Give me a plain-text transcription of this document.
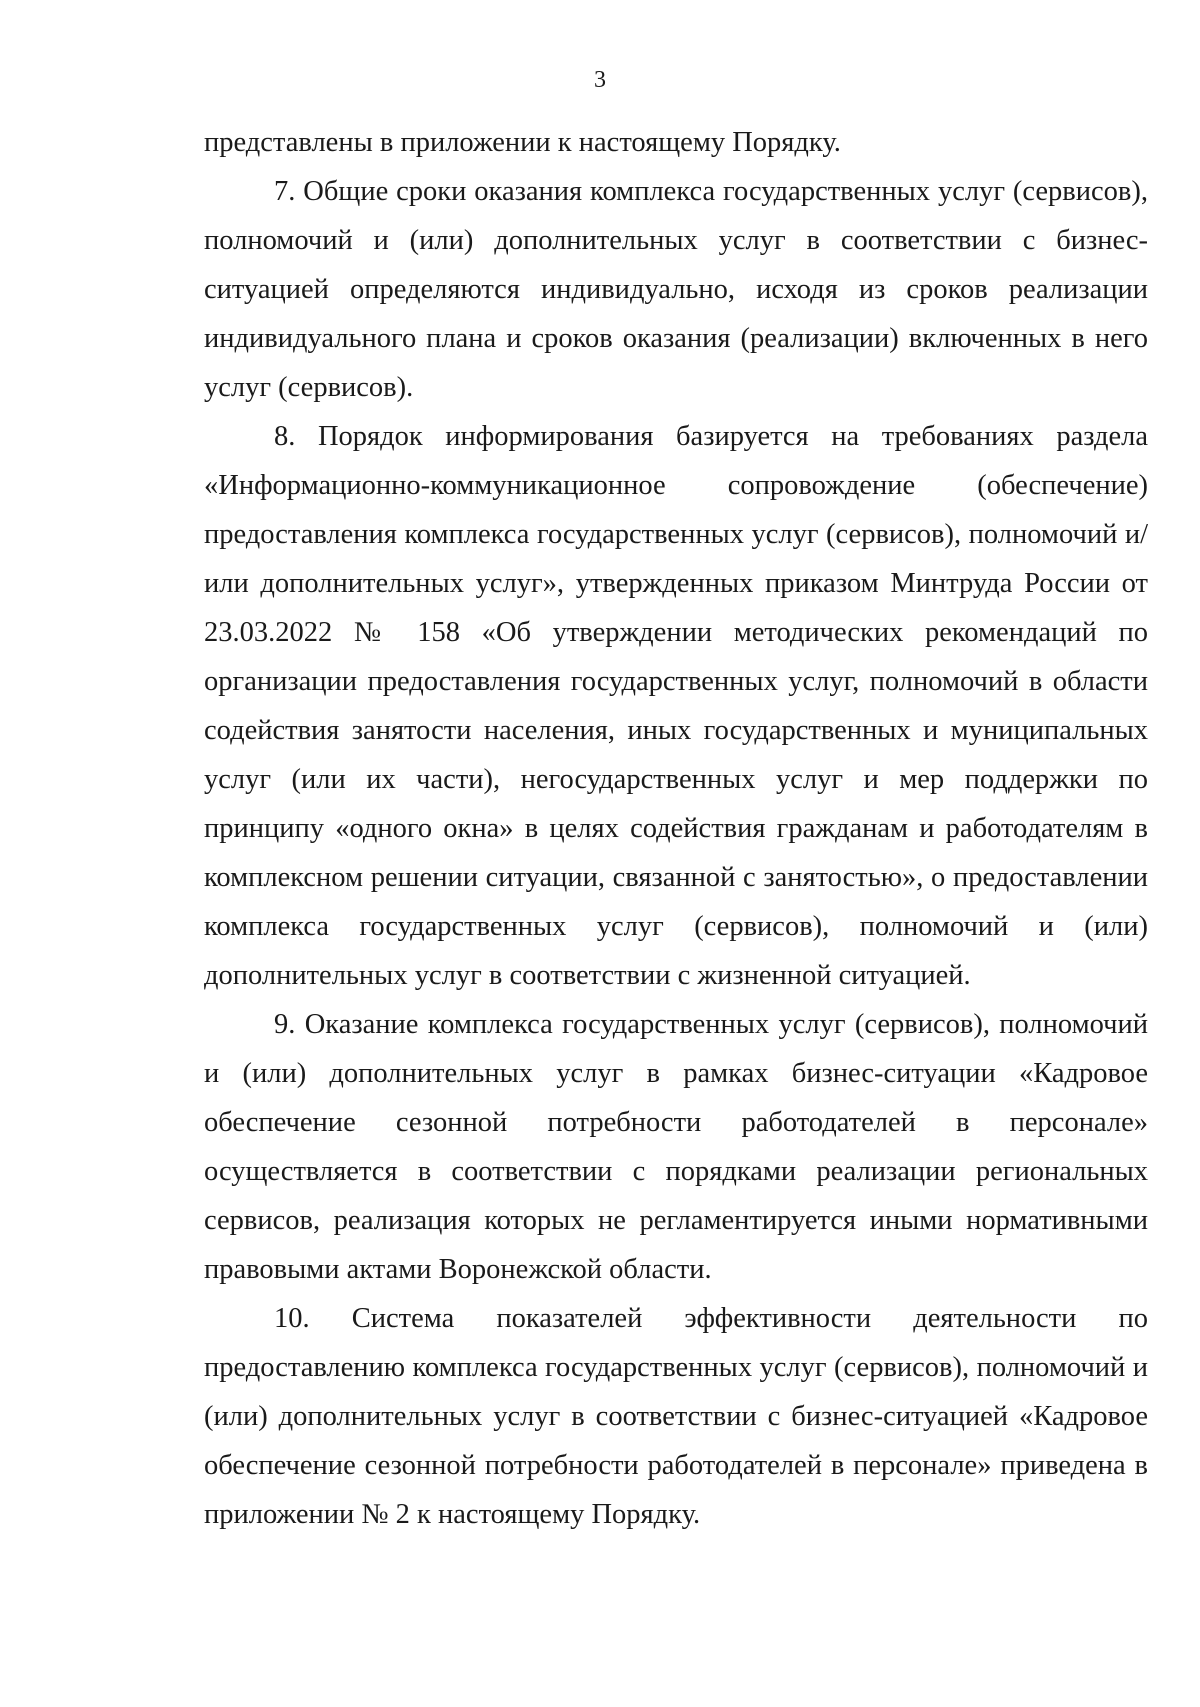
3

представлены в приложении к настоящему Порядку.

7. Общие сроки оказания комплекса государственных услуг (сервисов), полномочий и (или) дополнительных услуг в соответствии с бизнес-ситуацией определяются индивидуально, исходя из сроков реализации индивидуального плана и сроков оказания (реализации) включенных в него услуг (сервисов).

8. Порядок информирования базируется на требованиях раздела «Информационно-коммуникационное сопровождение (обеспечение) предоставления комплекса государственных услуг (сервисов), полномочий и/или дополнительных услуг», утвержденных приказом Минтруда России от 23.03.2022 № 158 «Об утверждении методических рекомендаций по организации предоставления государственных услуг, полномочий в области содействия занятости населения, иных государственных и муниципальных услуг (или их части), негосударственных услуг и мер поддержки по принципу «одного окна» в целях содействия гражданам и работодателям в комплексном решении ситуации, связанной с занятостью», о предоставлении комплекса государственных услуг (сервисов), полномочий и (или) дополнительных услуг в соответствии с жизненной ситуацией.

9. Оказание комплекса государственных услуг (сервисов), полномочий и (или) дополнительных услуг в рамках бизнес-ситуации «Кадровое обеспечение сезонной потребности работодателей в персонале» осуществляется в соответствии с порядками реализации региональных сервисов, реализация которых не регламентируется иными нормативными правовыми актами Воронежской области.

10. Система показателей эффективности деятельности по предоставлению комплекса государственных услуг (сервисов), полномочий и (или) дополнительных услуг в соответствии с бизнес-ситуацией «Кадровое обеспечение сезонной потребности работодателей в персонале» приведена в приложении № 2 к настоящему Порядку.
